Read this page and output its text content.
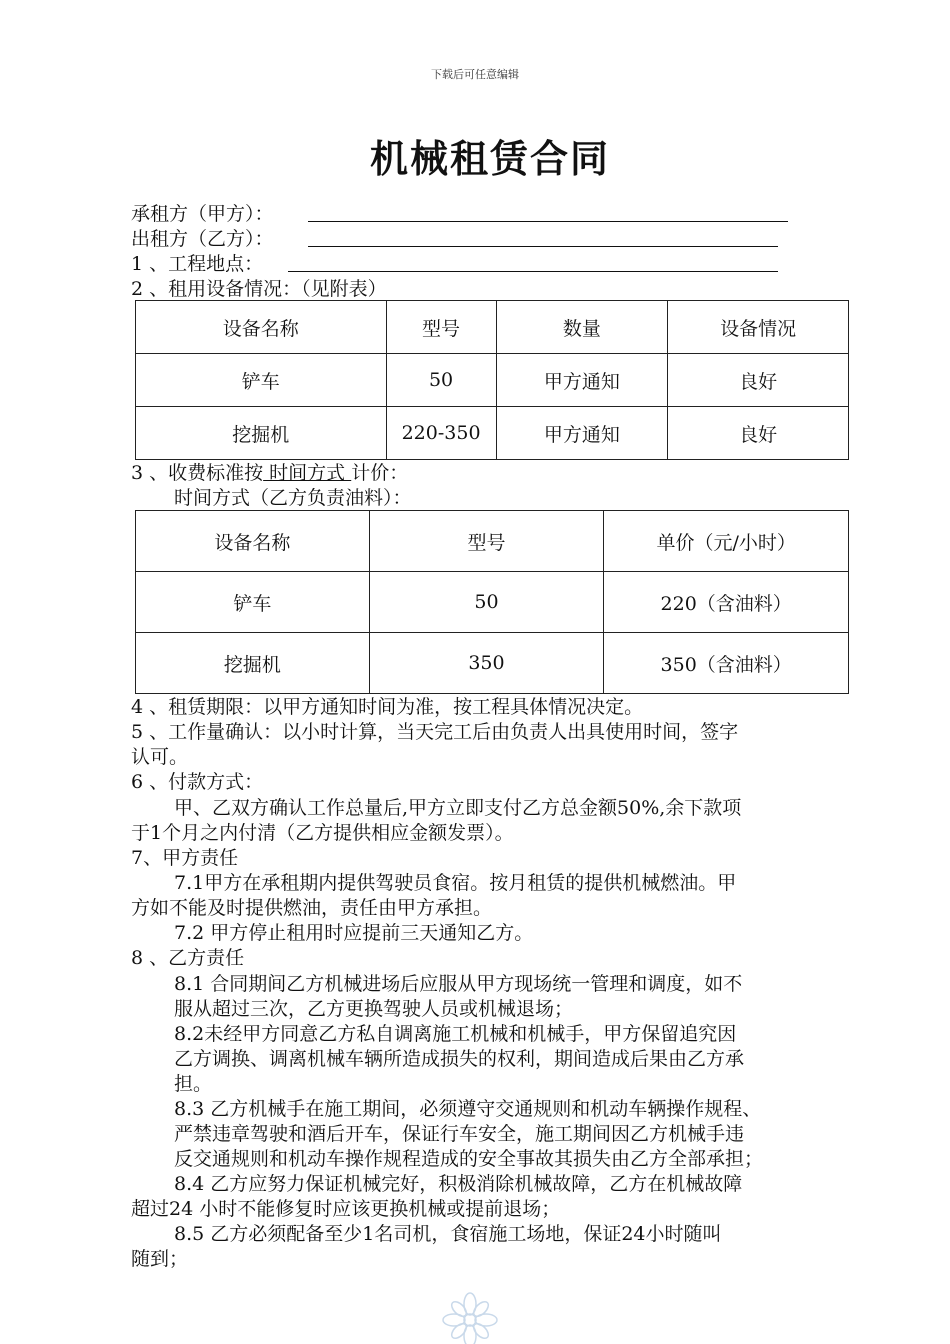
下载后可任意编辑
机械租赁合同
承租方（甲方）：
出租方（乙方）：
1 、工程地点：
2 、租用设备情况：（见附表）
设备名称	型号	数量	设备情况
铲车	50	甲方通知	良好
挖掘机	220-350	甲方通知	良好
3 、收费标准按 时间方式 计价：
时间方式（乙方负责油料）：
设备名称	型号	单价（元/小时）
铲车	50	220（含油料）
挖掘机	350	350（含油料）
4 、租赁期限：以甲方通知时间为准，按工程具体情况决定。
5 、工作量确认：以小时计算，当天完工后由负责人出具使用时间，签字
认可。
6 、付款方式：
甲、乙双方确认工作总量后,甲方立即支付乙方总金额50%,余下款项
于1个月之内付清（乙方提供相应金额发票）。
7、甲方责任
7.1甲方在承租期内提供驾驶员食宿。按月租赁的提供机械燃油。甲
方如不能及时提供燃油，责任由甲方承担。
7.2 甲方停止租用时应提前三天通知乙方。
8 、乙方责任
8.1 合同期间乙方机械进场后应服从甲方现场统一管理和调度，如不
服从超过三次，乙方更换驾驶人员或机械退场；
8.2未经甲方同意乙方私自调离施工机械和机械手，甲方保留追究因
乙方调换、调离机械车辆所造成损失的权利，期间造成后果由乙方承
担。
8.3 乙方机械手在施工期间，必须遵守交通规则和机动车辆操作规程、
严禁违章驾驶和酒后开车，保证行车安全，施工期间因乙方机械手违
反交通规则和机动车操作规程造成的安全事故其损失由乙方全部承担；
8.4 乙方应努力保证机械完好，积极消除机械故障，乙方在机械故障
超过24 小时不能修复时应该更换机械或提前退场；
8.5 乙方必须配备至少1名司机，食宿施工场地，保证24小时随叫
随到；
